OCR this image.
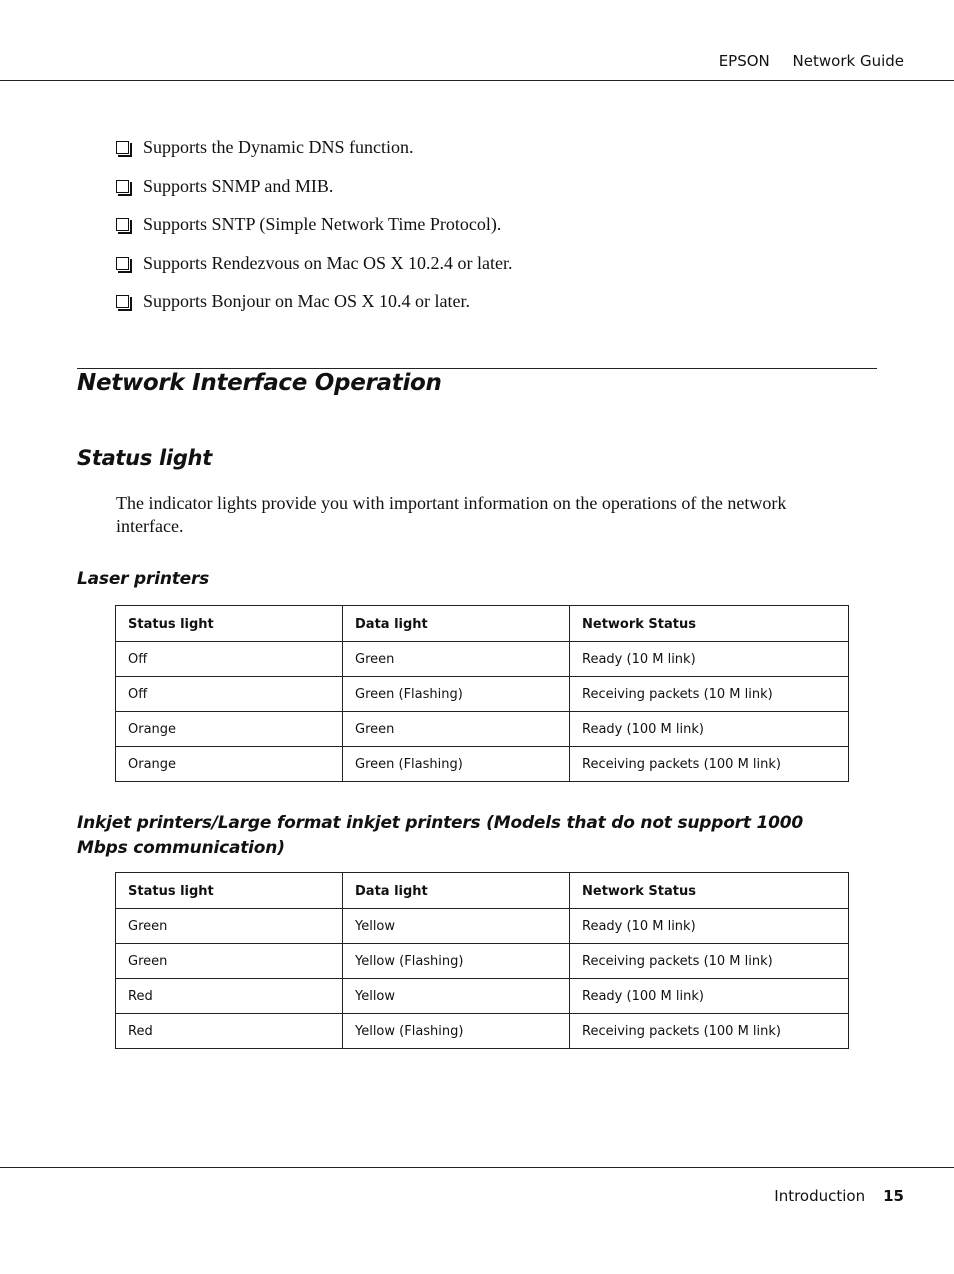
EPSON Network Guide
Supports the Dynamic DNS function.
Supports SNMP and MIB.
Supports SNTP (Simple Network Time Protocol).
Supports Rendezvous on Mac OS X 10.2.4 or later.
Supports Bonjour on Mac OS X 10.4 or later.
Network Interface Operation
Status light

The indicator lights provide you with important information on the operations of the network interface.

Laser printers
Status light	Data light	Network Status
Off	Green	Ready (10 M link)
Off	Green (Flashing)	Receiving packets (10 M link)
Orange	Green	Ready (100 M link)
Orange	Green (Flashing)	Receiving packets (100 M link)
Inkjet printers/Large format inkjet printers (Models that do not support 1000 Mbps communication)
Status light	Data light	Network Status
Green	Yellow	Ready (10 M link)
Green	Yellow (Flashing)	Receiving packets (10 M link)
Red	Yellow	Ready (100 M link)
Red	Yellow (Flashing)	Receiving packets (100 M link)
Introduction 15
